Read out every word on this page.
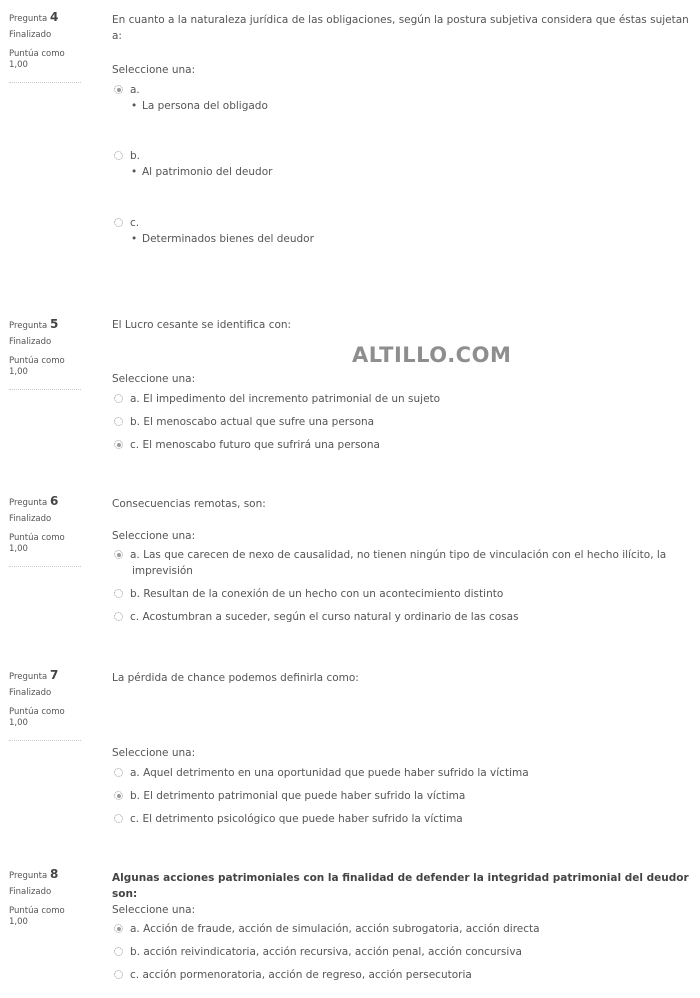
Pregunta 4
Finalizado
Puntúa como 1,00

En cuanto a la naturaleza jurídica de las obligaciones, según la postura subjetiva considera que éstas sujetan a:

Seleccione una:
a.
• La persona del obligado
b.
• Al patrimonio del deudor
c.
• Determinados bienes del deudor
Pregunta 5
Finalizado
Puntúa como 1,00

El Lucro cesante se identifica con:

Seleccione una:
a. El impedimento del incremento patrimonial de un sujeto
b. El menoscabo actual que sufre una persona
c. El menoscabo futuro que sufrirá una persona
ALTILLO.COM
Pregunta 6
Finalizado
Puntúa como 1,00

Consecuencias remotas, son:

Seleccione una:
a. Las que carecen de nexo de causalidad, no tienen ningún tipo de vinculación con el hecho ilícito, la imprevisión
b. Resultan de la conexión de un hecho con un acontecimiento distinto
c. Acostumbran a suceder, según el curso natural y ordinario de las cosas
Pregunta 7
Finalizado
Puntúa como 1,00

La pérdida de chance podemos definirla como:

Seleccione una:
a. Aquel detrimento en una oportunidad que puede haber sufrido la víctima
b. El detrimento patrimonial que puede haber sufrido la víctima
c. El detrimento psicológico que puede haber sufrido la víctima
Pregunta 8
Finalizado
Puntúa como 1,00

Algunas acciones patrimoniales con la finalidad de defender la integridad patrimonial del deudor son:

Seleccione una:
a. Acción de fraude, acción de simulación, acción subrogatoria, acción directa
b. acción reivindicatoria, acción recursiva, acción penal, acción concursiva
c. acción pormenoratoria, acción de regreso, acción persecutoria
